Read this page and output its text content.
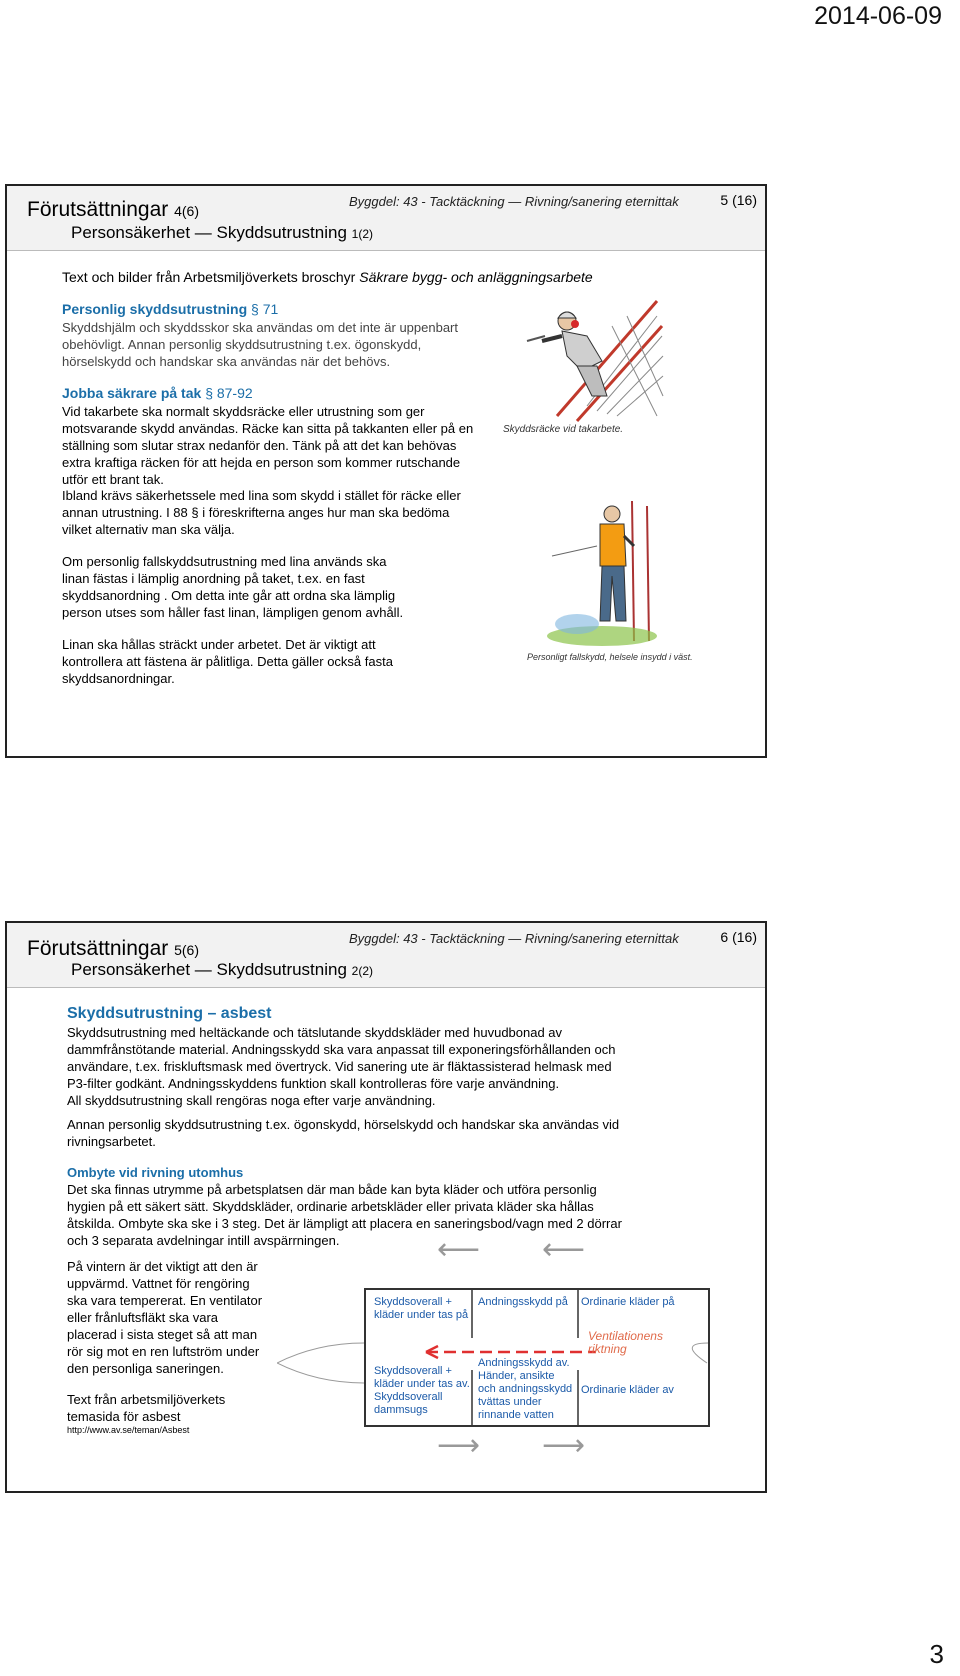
2014-06-09
Förutsättningar 4(6)
Personsäkerhet — Skyddsutrustning 1(2)
Byggdel: 43 - Tacktäckning — Rivning/sanering eternittak	5 (16)
Text och bilder från Arbetsmiljöverkets broschyr Säkrare bygg- och anläggningsarbete
Personlig skyddsutrustning § 71
Skyddshjälm och skyddsskor ska användas om det inte är uppenbart
obehövligt. Annan personlig skyddsutrustning t.ex. ögonskydd,
hörselskydd och handskar ska användas när det behövs.
Jobba säkrare på tak § 87-92
Vid takarbete ska normalt skyddsräcke eller utrustning som ger
motsvarande skydd användas. Räcke kan sitta på takkanten eller på en
ställning som slutar strax nedanför den. Tänk på att det kan behövas
extra kraftiga räcken för att hejda en person som kommer rutschande
utför ett brant tak.
Ibland krävs säkerhetssele med lina som skydd i stället för räcke eller
annan utrustning. I 88 § i föreskrifterna anges hur man ska bedöma
vilket alternativ man ska välja.
Om personlig fallskyddsutrustning med lina används ska
linan fästas i lämplig anordning på taket, t.ex. en fast
skyddsanordning . Om detta inte går att ordna ska lämplig
person utses som håller fast linan, lämpligen genom avhåll.
Linan ska hållas sträckt under arbetet. Det är viktigt att
kontrollera att fästena är pålitliga. Detta gäller också fasta
skyddsanordningar.
Skyddsräcke vid takarbete.
Personligt fallskydd, helsele insydd i väst.
Förutsättningar 5(6)
Personsäkerhet — Skyddsutrustning 2(2)
Byggdel: 43 - Tacktäckning — Rivning/sanering eternittak	6 (16)
Skyddsutrustning – asbest
Skyddsutrustning med heltäckande och tätslutande skyddskläder med huvudbonad av
dammfrånstötande material. Andningsskydd ska vara anpassat till exponeringsförhållanden och
användare, t.ex. friskluftsmask med övertryck. Vid sanering ute är fläktassisterad helmask med
P3-filter godkänt. Andningsskyddens funktion skall kontrolleras före varje användning.
All skyddsutrustning skall rengöras noga efter varje användning.
Annan personlig skyddsutrustning t.ex. ögonskydd, hörselskydd och handskar ska användas vid
rivningsarbetet.
Ombyte vid rivning utomhus
Det ska finnas utrymme på arbetsplatsen där man både kan byta kläder och utföra personlig
hygien på ett säkert sätt. Skyddskläder, ordinarie arbetskläder eller privata kläder ska hållas
åtskilda. Ombyte ska ske i 3 steg. Det är lämpligt att placera en saneringsbod/vagn med 2 dörrar
och 3 separata avdelningar intill avspärrningen.
På vintern är det viktigt att den är
uppvärmd. Vattnet för rengöring
ska vara tempererat. En ventilator
eller frånluftsfläkt ska vara
placerad i sista steget så att man
rör sig mot en ren luftström under
den personliga saneringen.
Text från arbetsmiljöverkets
temasida för asbest
http://www.av.se/teman/Asbest
⟵ ⟵
Skyddsoverall +
kläder under tas på
Andningsskydd på Ordinarie kläder på
Ventilationens
riktning
Skyddsoverall +
kläder under tas av.
Skyddsoverall
dammsugs
Andningsskydd av.
Händer, ansikte
och andningsskydd
tvättas under
rinnande vatten
Ordinarie kläder av
⟶ ⟶
3
